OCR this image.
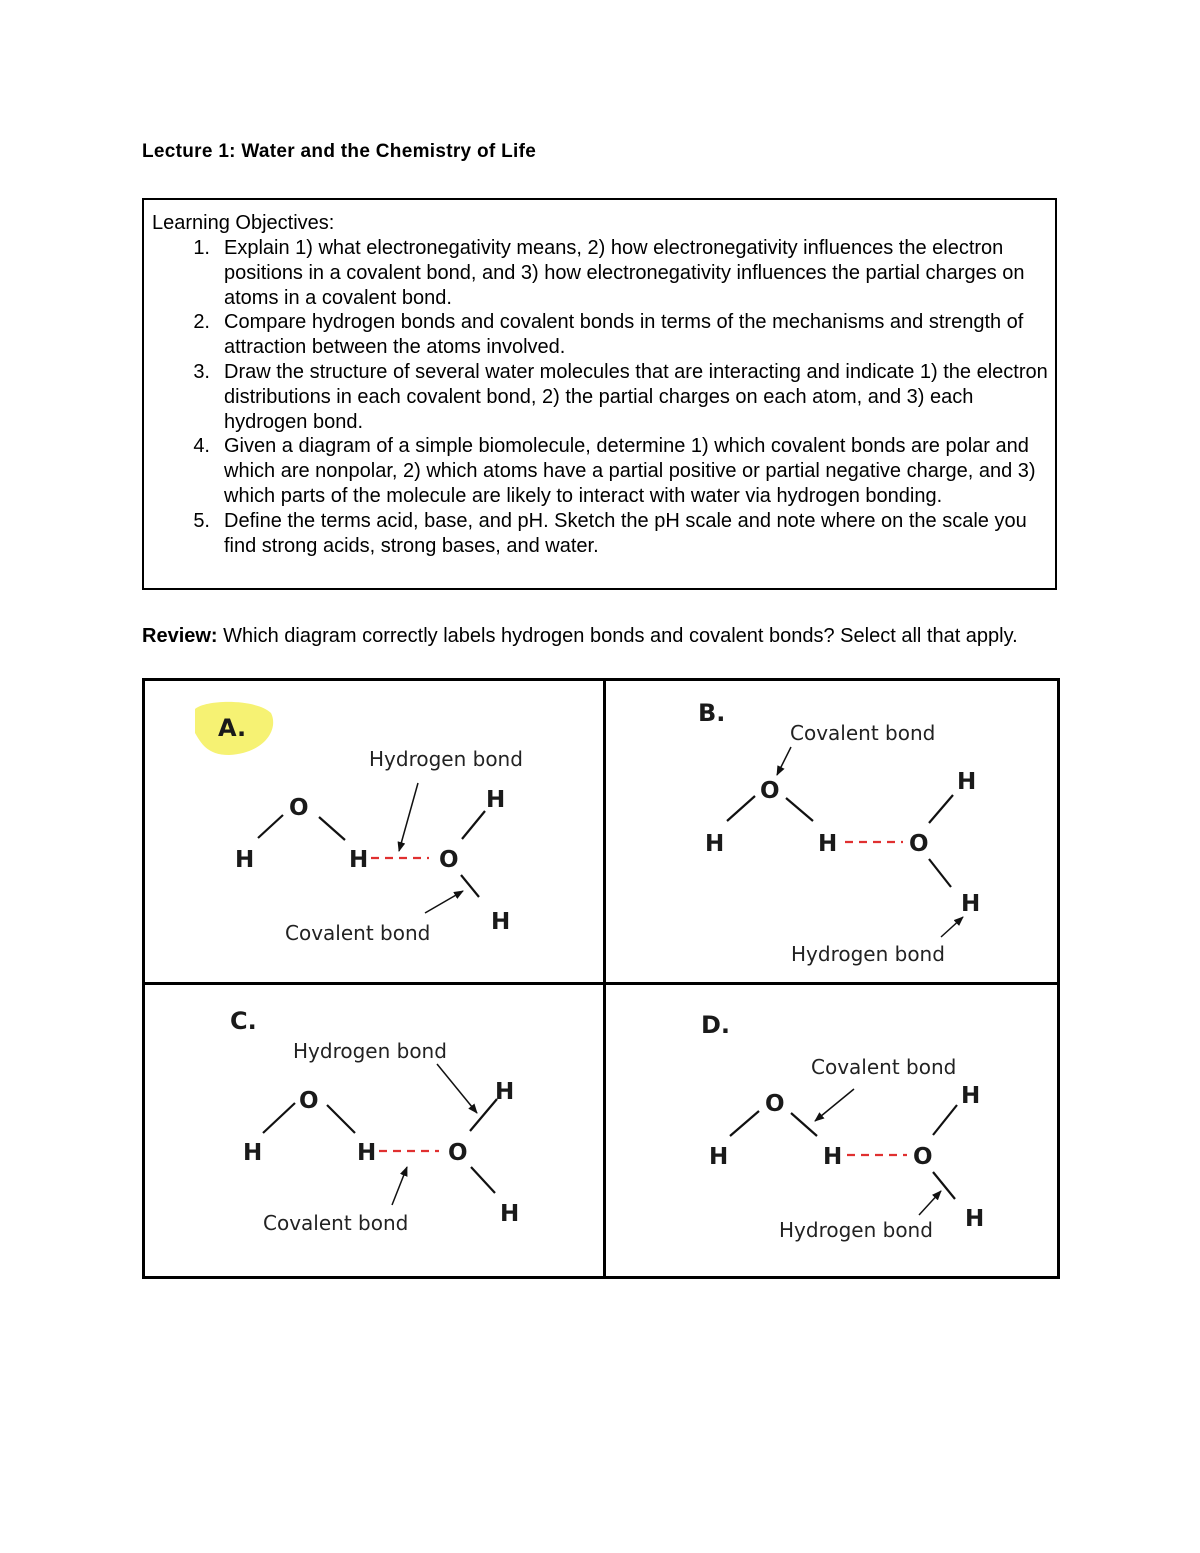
Lecture 1: Water and the Chemistry of Life
Learning Objectives:
1. Explain 1) what electronegativity means, 2) how electronegativity influences the electron positions in a covalent bond, and 3) how electronegativity influences the partial charges on atoms in a covalent bond.
2. Compare hydrogen bonds and covalent bonds in terms of the mechanisms and strength of attraction between the atoms involved.
3. Draw the structure of several water molecules that are interacting and indicate 1) the electron distributions in each covalent bond, 2) the partial charges on each atom, and 3) each hydrogen bond.
4. Given a diagram of a simple biomolecule, determine 1) which covalent bonds are polar and which are nonpolar, 2) which atoms have a partial positive or partial negative charge, and 3) which parts of the molecule are likely to interact with water via hydrogen bonding.
5. Define the terms acid, base, and pH. Sketch the pH scale and note where on the scale you find strong acids, strong bases, and water.
Review: Which diagram correctly labels hydrogen bonds and covalent bonds? Select all that apply.
A.
H
O
H	O
H
H
Hydrogen bond
Covalent bond
B.
H
O
H	O
H
H
Covalent bond
Hydrogen bond
C.
H
O
H	O
H
H
Hydrogen bond
Covalent bond
D.
H
O
H	O
H
H
Covalent bond
Hydrogen bond
